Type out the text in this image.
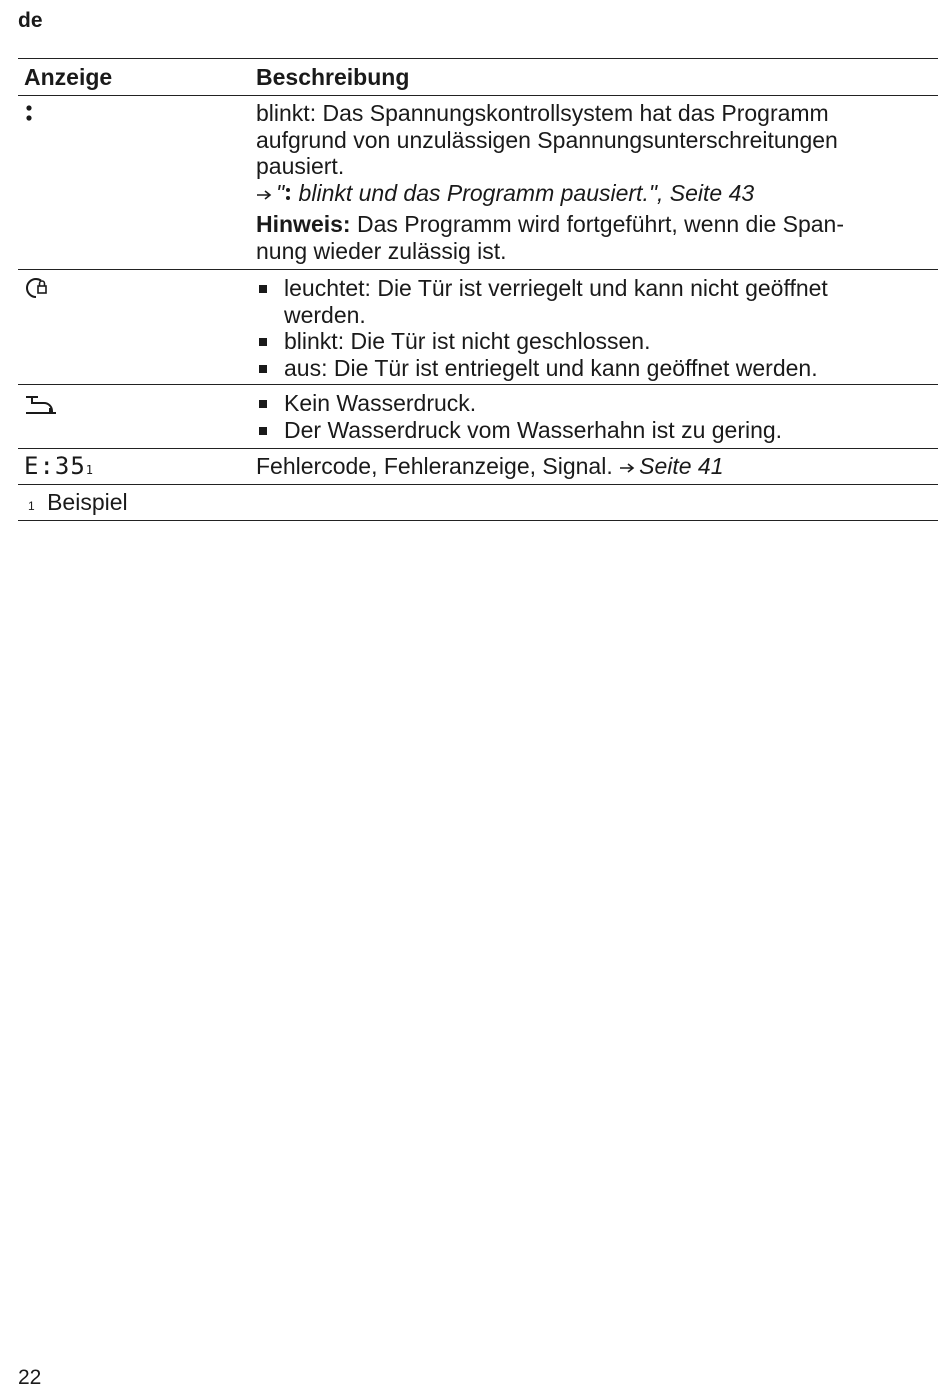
de
Anzeige	Beschreibung
blinkt: Das Spannungskontrollsystem hat das Programm
aufgrund von unzulässigen Spannungsunterschreitungen
pausiert.
"
blinkt und das Programm pausiert.", Seite 43
Hinweis: Das Programm wird fortgeführt, wenn die Span-
nung wieder zulässig ist.
leuchtet: Die Tür ist verriegelt und kann nicht geöffnet
werden.
blinkt: Die Tür ist nicht geschlossen.
aus: Die Tür ist entriegelt und kann geöffnet werden.
Kein Wasserdruck.
Der Wasserdruck vom Wasserhahn ist zu gering.
$E:35^1$	Fehlercode, Fehleranzeige, Signal. Seite 41
$^1$ Beispiel
22
